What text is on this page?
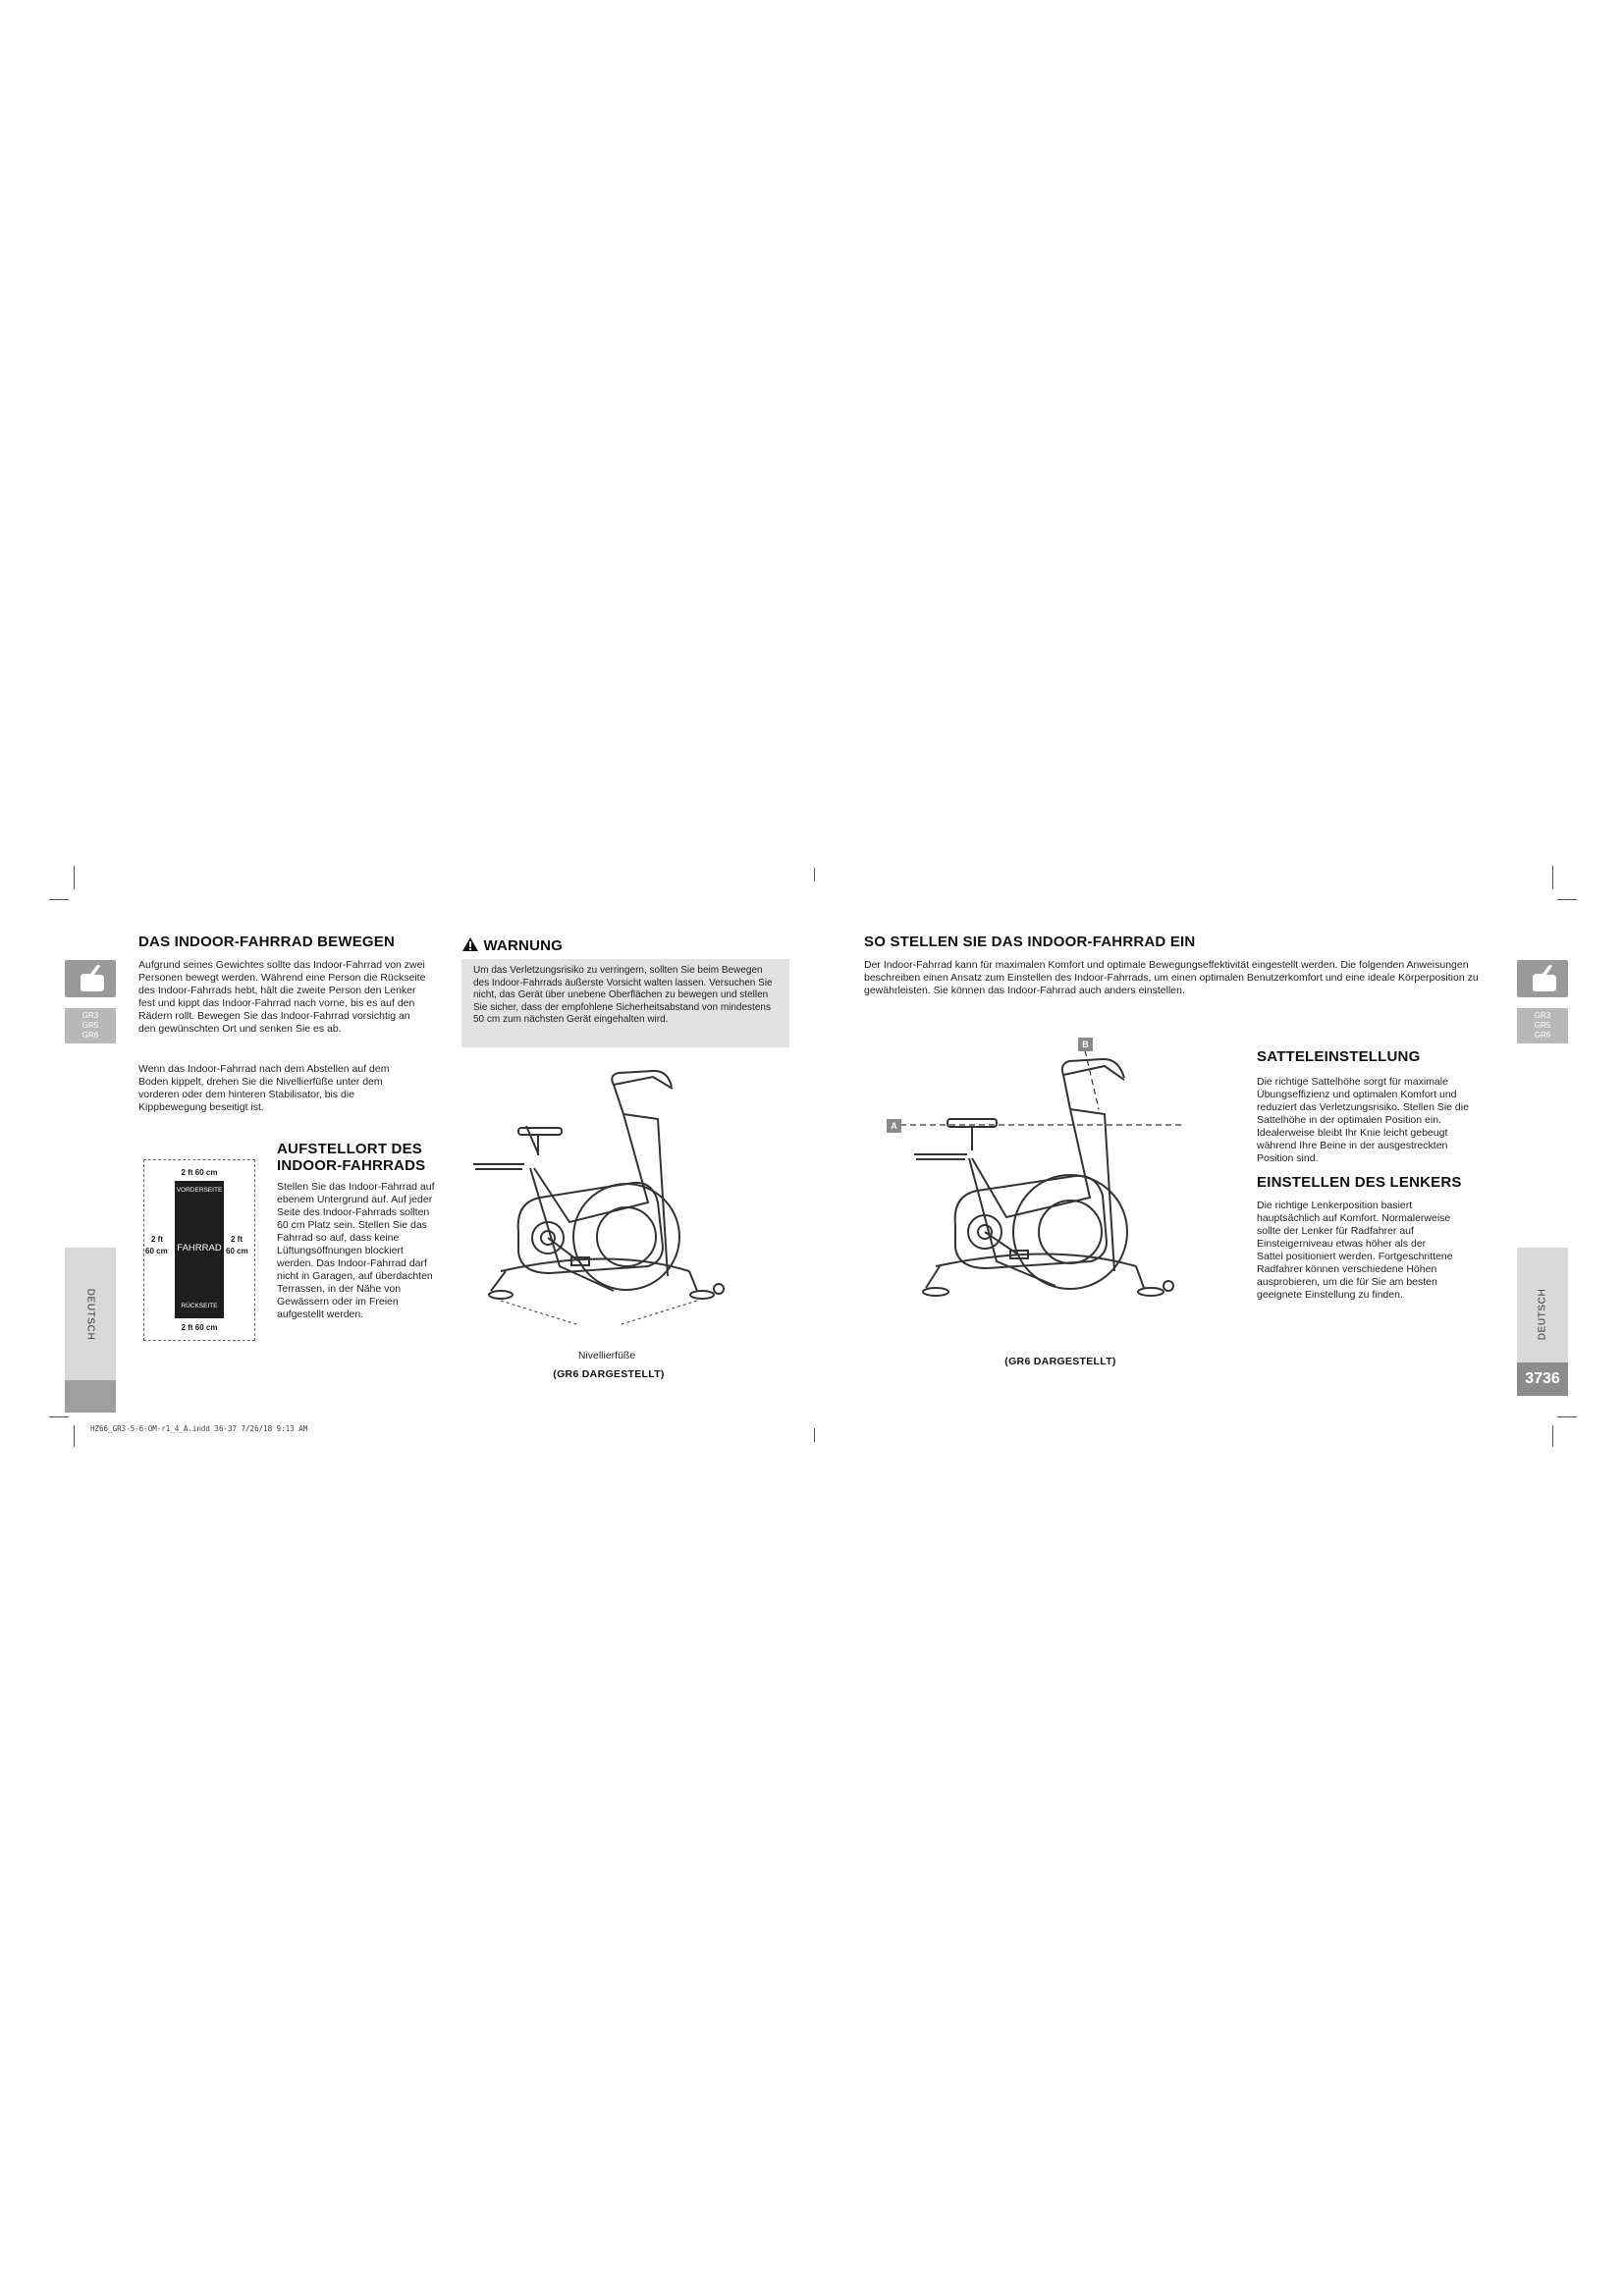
GR3
GR5
GR6
DEUTSCH
DAS INDOOR-FAHRRAD BEWEGEN

Aufgrund seines Gewichtes sollte das Indoor-Fahrrad von zwei Personen bewegt werden. Während eine Person die Rückseite des Indoor-Fahrrads hebt, hält die zweite Person den Lenker fest und kippt das Indoor-Fahrrad nach vorne, bis es auf den Rädern rollt. Bewegen Sie das Indoor-Fahrrad vorsichtig an den gewünschten Ort und senken Sie es ab.

Wenn das Indoor-Fahrrad nach dem Abstellen auf dem Boden kippelt, drehen Sie die Nivellierfüße unter dem vorderen oder dem hinteren Stabilisator, bis die Kippbewegung beseitigt ist.

2 ft 60 cm
VORDERSEITE
FAHRRAD
RÜCKSEITE
2 ft
60 cm
2 ft
60 cm
2 ft 60 cm
AUFSTELLORT DES
INDOOR-FAHRRADS

Stellen Sie das Indoor-Fahrrad auf ebenem Untergrund auf. Auf jeder Seite des Indoor-Fahrrads sollten 60 cm Platz sein. Stellen Sie das Fahrrad so auf, dass keine Lüftungsöffnungen blockiert werden. Das Indoor-Fahrrad darf nicht in Garagen, auf überdachten Terrassen, in der Nähe von Gewässern oder im Freien aufgestellt werden.

WARNUNG

Um das Verletzungsrisiko zu verringern, sollten Sie beim Bewegen des Indoor-Fahrrads äußerste Vorsicht walten lassen. Versuchen Sie nicht, das Gerät über unebene Oberflächen zu bewegen und stellen Sie sicher, dass der empfohlene Sicherheitsabstand von mindestens 50 cm zum nächsten Gerät eingehalten wird.

Nivellierfüße
(GR6 DARGESTELLT)
HZ66_GR3-5-6-OM-r1_4_A.indd 36-37 7/26/18 9:13 AM
SO STELLEN SIE DAS INDOOR-FAHRRAD EIN

Der Indoor-Fahrrad kann für maximalen Komfort und optimale Bewegungseffektivität eingestellt werden. Die folgenden Anweisungen beschreiben einen Ansatz zum Einstellen des Indoor-Fahrrads, um einen optimalen Benutzerkomfort und eine ideale Körperposition zu gewährleisten. Sie können das Indoor-Fahrrad auch anders einstellen.

A
B
(GR6 DARGESTELLT)
SATTELEINSTELLUNG

Die richtige Sattelhöhe sorgt für maximale Übungseffizienz und optimalen Komfort und reduziert das Verletzungsrisiko. Stellen Sie die Sattelhöhe in der optimalen Position ein. Idealerweise bleibt Ihr Knie leicht gebeugt während Ihre Beine in der ausgestreckten Position sind.

EINSTELLEN DES LENKERS

Die richtige Lenkerposition basiert hauptsächlich auf Komfort. Normalerweise sollte der Lenker für Radfahrer auf Einsteigerniveau etwas höher als der Sattel positioniert werden. Fortgeschrittene Radfahrer können verschiedene Höhen ausprobieren, um die für Sie am besten geeignete Einstellung zu finden.

GR3
GR5
GR6
DEUTSCH
3736
